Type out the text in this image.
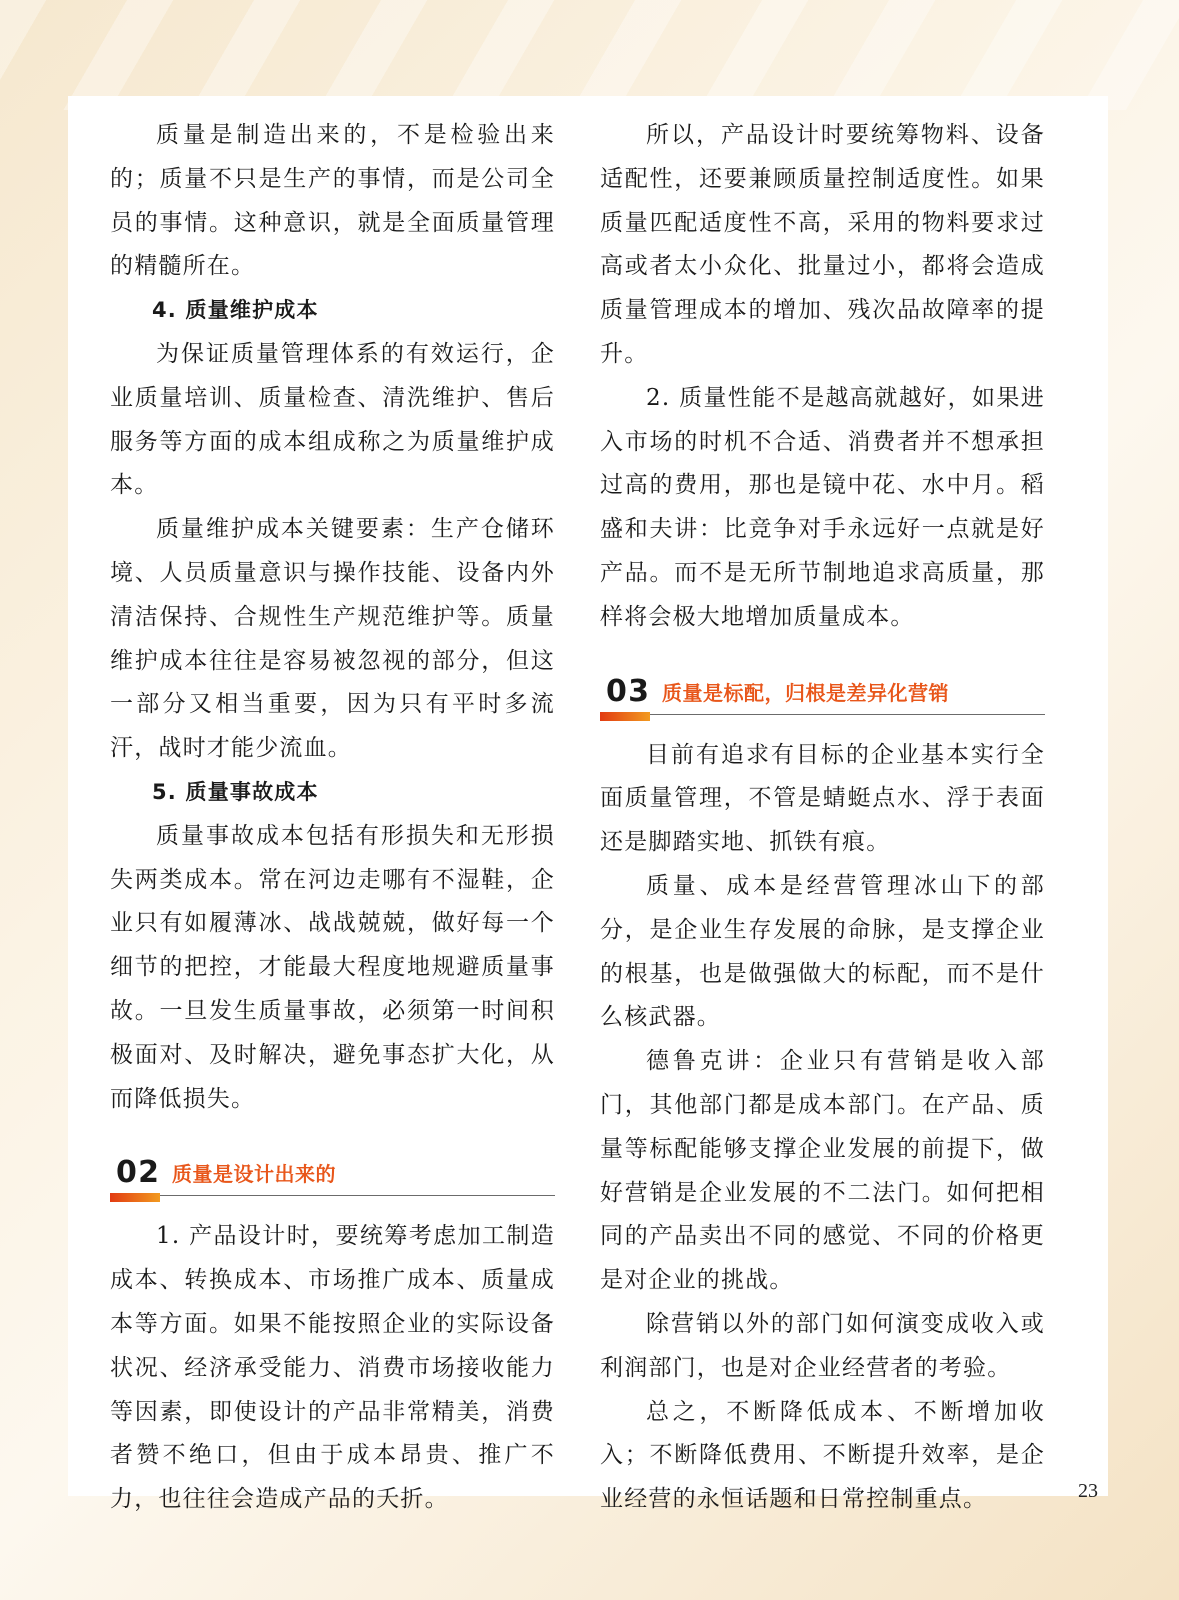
质量是制造出来的，不是检验出来的；质量不只是生产的事情，而是公司全员的事情。这种意识，就是全面质量管理的精髓所在。

4. 质量维护成本

为保证质量管理体系的有效运行，企业质量培训、质量检查、清洗维护、售后服务等方面的成本组成称之为质量维护成本。

质量维护成本关键要素：生产仓储环境、人员质量意识与操作技能、设备内外清洁保持、合规性生产规范维护等。质量维护成本往往是容易被忽视的部分，但这一部分又相当重要，因为只有平时多流汗，战时才能少流血。

5. 质量事故成本

质量事故成本包括有形损失和无形损失两类成本。常在河边走哪有不湿鞋，企业只有如履薄冰、战战兢兢，做好每一个细节的把控，才能最大程度地规避质量事故。一旦发生质量事故，必须第一时间积极面对、及时解决，避免事态扩大化，从而降低损失。

02 质量是设计出来的

1. 产品设计时，要统筹考虑加工制造成本、转换成本、市场推广成本、质量成本等方面。如果不能按照企业的实际设备状况、经济承受能力、消费市场接收能力等因素，即使设计的产品非常精美，消费者赞不绝口，但由于成本昂贵、推广不力，也往往会造成产品的夭折。

所以，产品设计时要统筹物料、设备适配性，还要兼顾质量控制适度性。如果质量匹配适度性不高，采用的物料要求过高或者太小众化、批量过小，都将会造成质量管理成本的增加、残次品故障率的提升。

2. 质量性能不是越高就越好，如果进入市场的时机不合适、消费者并不想承担过高的费用，那也是镜中花、水中月。稻盛和夫讲：比竞争对手永远好一点就是好产品。而不是无所节制地追求高质量，那样将会极大地增加质量成本。

03 质量是标配，归根是差异化营销

目前有追求有目标的企业基本实行全面质量管理，不管是蜻蜓点水、浮于表面还是脚踏实地、抓铁有痕。

质量、成本是经营管理冰山下的部分，是企业生存发展的命脉，是支撑企业的根基，也是做强做大的标配，而不是什么核武器。

德鲁克讲：企业只有营销是收入部门，其他部门都是成本部门。在产品、质量等标配能够支撑企业发展的前提下，做好营销是企业发展的不二法门。如何把相同的产品卖出不同的感觉、不同的价格更是对企业的挑战。

除营销以外的部门如何演变成收入或利润部门，也是对企业经营者的考验。

总之，不断降低成本、不断增加收入；不断降低费用、不断提升效率，是企业经营的永恒话题和日常控制重点。	23
